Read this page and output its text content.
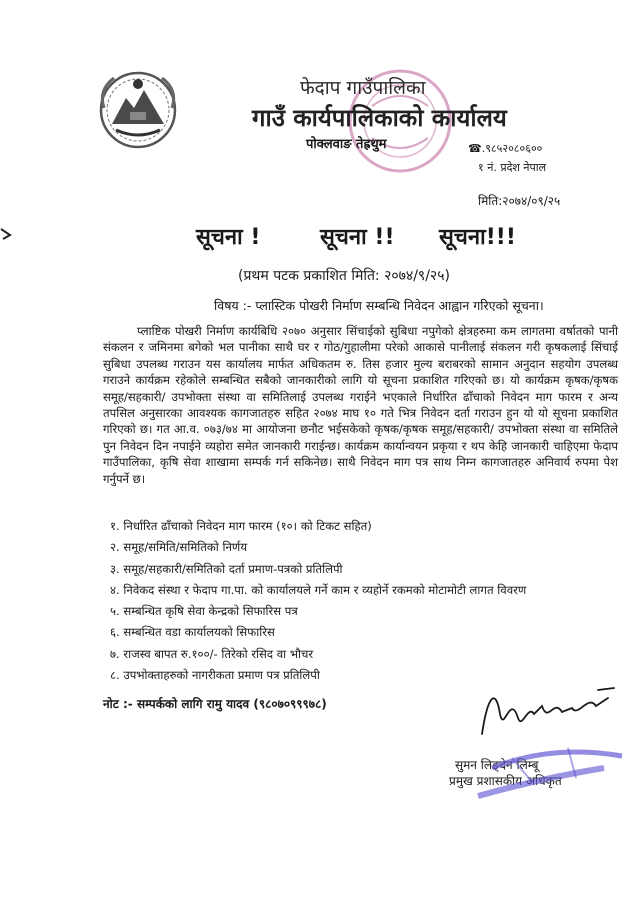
फेदाप गाउँपालिका
गाउँ कार्यपालिकाको कार्यालय
पोक्लवाङ तेह्रथुम	☎.९८५२०८०६००
१ नं. प्रदेश नेपाल
मिति:२०७४/०९/२५
सूचना !	सूचना !! सूचना!!!
(प्रथम पटक प्रकाशित मिति: २०७४/९/२५)
विषय :- प्लास्टिक पोखरी निर्माण सम्बन्धि निवेदन आह्वान गरिएको सूचना।

प्लाष्टिक पोखरी निर्माण कार्यबिधि २०७० अनुसार सिंचाईको सुबिधा नपुगेको क्षेत्रहरुमा कम लागतमा वर्षातको पानी संकलन र जमिनमा बगेको भल पानीका साथै घर र गोठ/गुहालीमा परेको आकासे पानीलाई संकलन गरी कृषकलाई सिंचाई सुबिधा उपलब्ध गराउन यस कार्यालय मार्फत अधिकतम रु. तिस हजार मुल्य बराबरको सामान अनुदान सहयोग उपलब्ध गराउने कार्यक्रम रहेकोले सम्बन्धित सबैको जानकारीको लागि यो सूचना प्रकाशित गरिएको छ। यो कार्यक्रम कृषक/कृषक समूह/सहकारी/ उपभोक्ता संस्था वा समितिलाई उपलब्ध गराईने भएकाले निर्धारित ढाँचाको निवेदन माग फारम र अन्य तपसिल अनुसारका आवश्यक कागजातहरु सहित २०७४ माघ १० गते भित्र निवेदन दर्ता गराउन हुन यो यो सूचना प्रकाशित गरिएको छ। गत आ.व. ०७३/७४ मा आयोजना छनौट भईसकेको कृषक/कृषक समूह/सहकारी/ उपभोक्ता संस्था वा समितिले पुन निवेदन दिन नपाईने व्यहोरा समेत जानकारी गराईन्छ। कार्यक्रम कार्यान्वयन प्रकृया र थप केहि जानकारी चाहिएमा फेदाप गाउँपालिका, कृषि सेवा शाखामा सम्पर्क गर्न सकिनेछ। साथै निवेदन माग पत्र साथ निम्न कागजातहरु अनिवार्य रुपमा पेश गर्नुपर्ने छ।

१. निर्धारित ढाँचाको निवेदन माग फारम (१०। को टिकट सहित)
२. समूह/समिति/समितिको निर्णय
३. समूह/सहकारी/समितिको दर्ता प्रमाण-पत्रको प्रतिलिपी
४. निवेकद संस्था र फेदाप गा.पा. को कार्यालयले गर्ने काम र व्यहोर्ने रकमको मोटामोटी लागत विवरण
५. सम्बन्धित कृषि सेवा केन्द्रको सिफारिस पत्र
६. सम्बन्धित वडा कार्यालयको सिफारिस
७. राजस्व बापत रु.१००/- तिरेको रसिद वा भौचर
८. उपभोक्ताहरुको नागरीकता प्रमाण पत्र प्रतिलिपी
नोट :- सम्पर्कको लागि रामु यादव (९८०७०९९९७८)
सुमन लिङ्देन लिम्बू
प्रमुख प्रशासकीय अधिकृत
